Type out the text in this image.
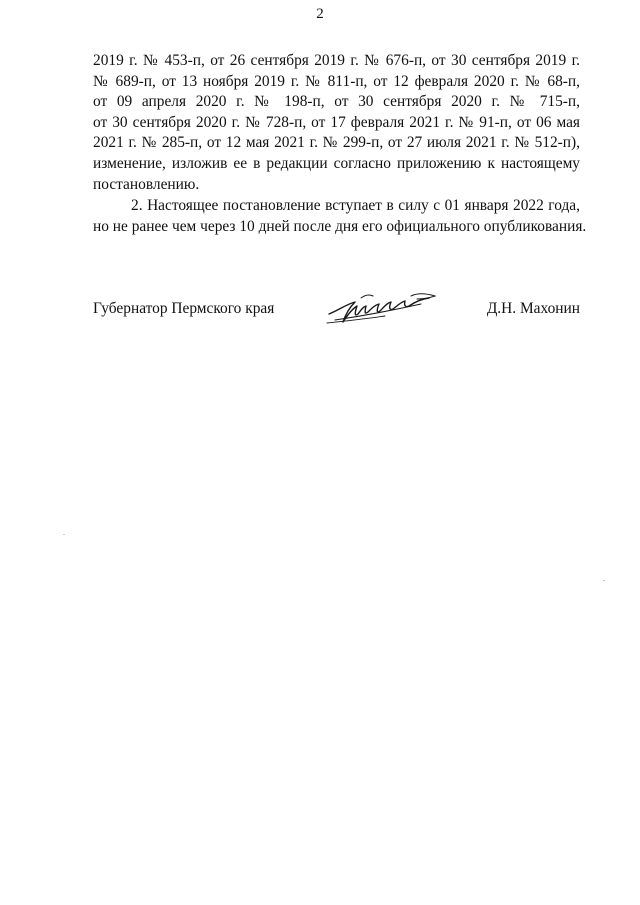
2
2019 г. № 453-п, от 26 сентября 2019 г. № 676-п, от 30 сентября 2019 г.
№ 689-п, от 13 ноября 2019 г. № 811-п, от 12 февраля 2020 г. № 68-п,
от 09 апреля 2020 г. № 198-п, от 30 сентября 2020 г. № 715-п,
от 30 сентября 2020 г. № 728-п, от 17 февраля 2021 г. № 91-п, от 06 мая
2021 г. № 285-п, от 12 мая 2021 г. № 299-п, от 27 июля 2021 г. № 512-п),
изменение, изложив ее в редакции согласно приложению к настоящему
постановлению.
2. Настоящее постановление вступает в силу с 01 января 2022 года,
но не ранее чем через 10 дней после дня его официального опубликования.
Губернатор Пермского края	Д.Н. Махонин
